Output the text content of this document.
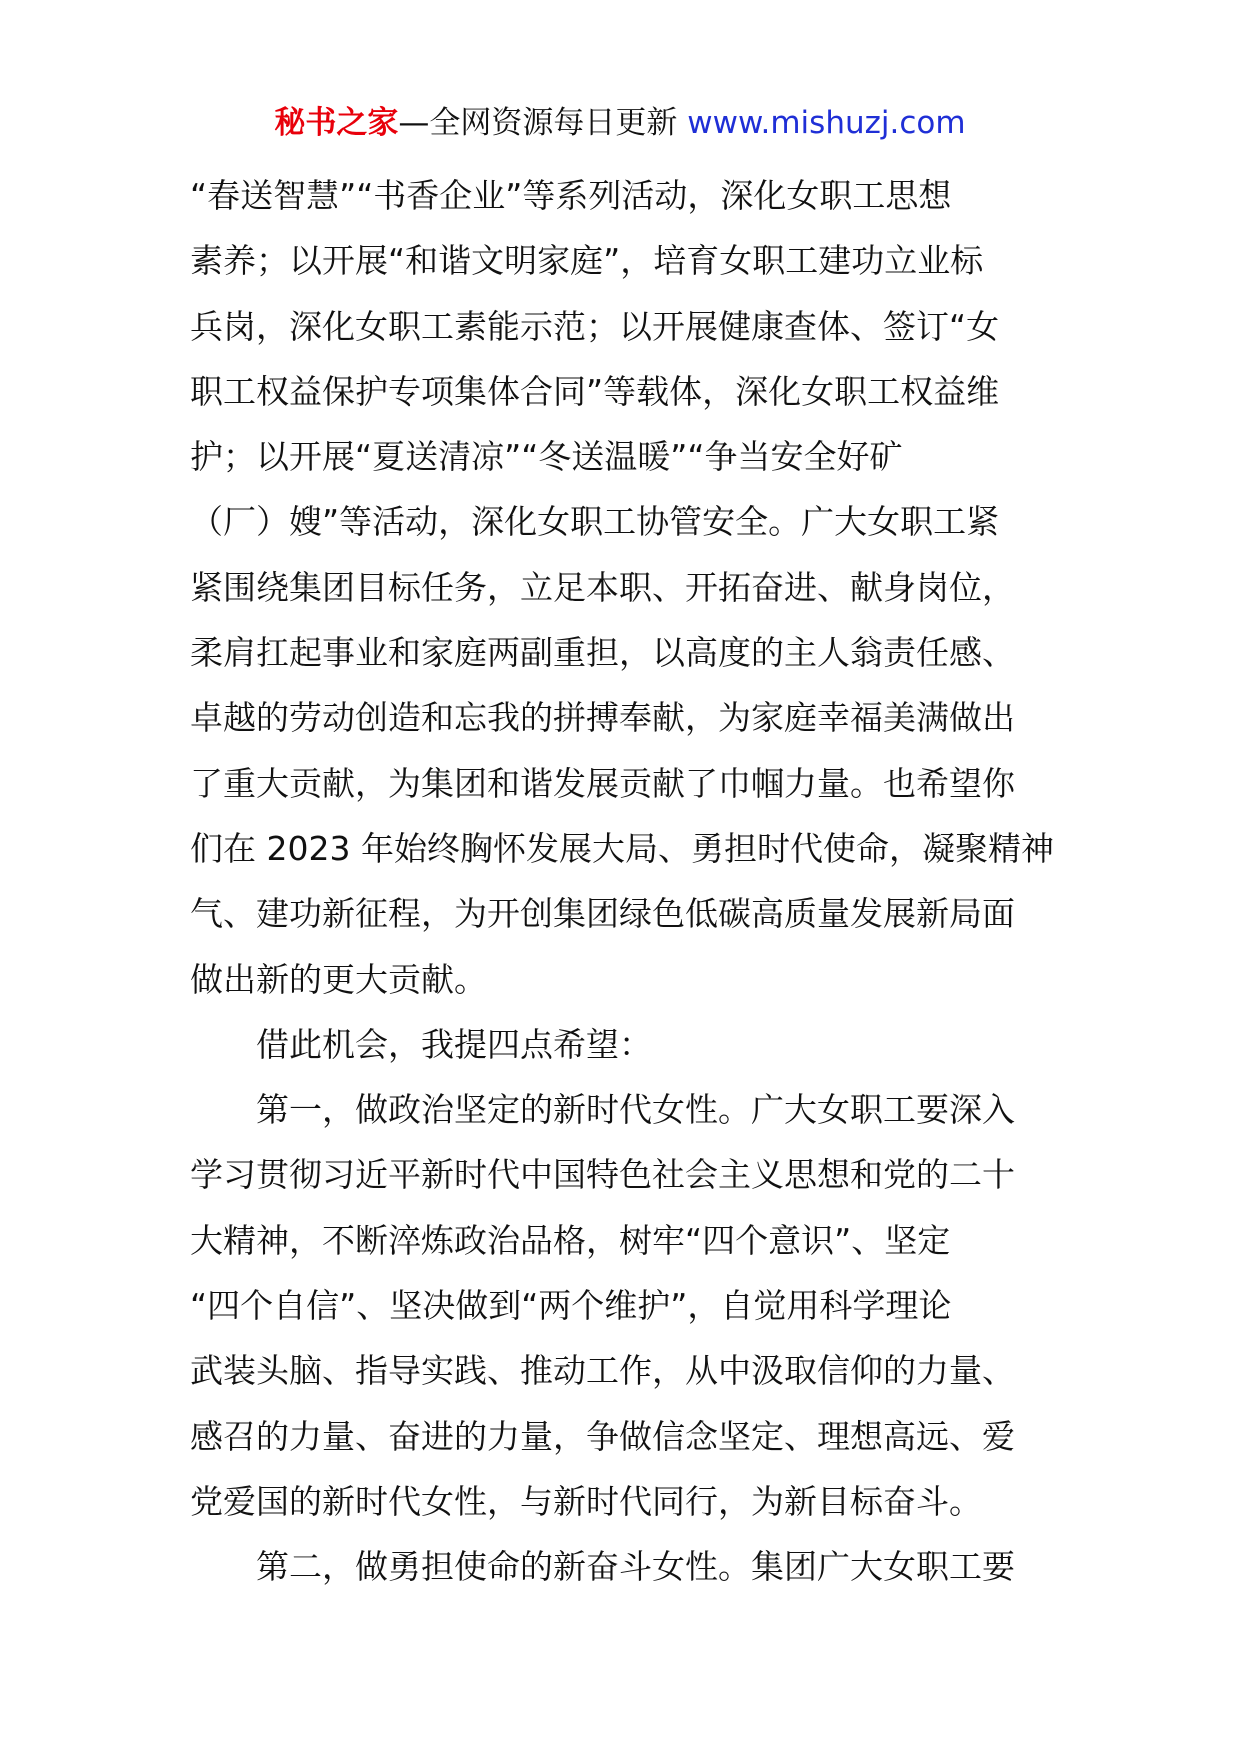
秘书之家—全网资源每日更新 www.mishuzj.com
“春送智慧”“书香企业”等系列活动，深化女职工思想
素养；以开展“和谐文明家庭”，培育女职工建功立业标
兵岗，深化女职工素能示范；以开展健康查体、签订“女
职工权益保护专项集体合同”等载体，深化女职工权益维
护；以开展“夏送清凉”“冬送温暖”“争当安全好矿
（厂）嫂”等活动，深化女职工协管安全。广大女职工紧
紧围绕集团目标任务，立足本职、开拓奋进、献身岗位，
柔肩扛起事业和家庭两副重担，以高度的主人翁责任感、
卓越的劳动创造和忘我的拼搏奉献，为家庭幸福美满做出
了重大贡献，为集团和谐发展贡献了巾帼力量。也希望你
们在 2023 年始终胸怀发展大局、勇担时代使命，凝聚精神
气、建功新征程，为开创集团绿色低碳高质量发展新局面
做出新的更大贡献。
借此机会，我提四点希望：
第一，做政治坚定的新时代女性。广大女职工要深入
学习贯彻习近平新时代中国特色社会主义思想和党的二十
大精神，不断淬炼政治品格，树牢“四个意识”、坚定
“四个自信”、坚决做到“两个维护”，自觉用科学理论
武装头脑、指导实践、推动工作，从中汲取信仰的力量、
感召的力量、奋进的力量，争做信念坚定、理想高远、爱
党爱国的新时代女性，与新时代同行，为新目标奋斗。
第二，做勇担使命的新奋斗女性。集团广大女职工要
